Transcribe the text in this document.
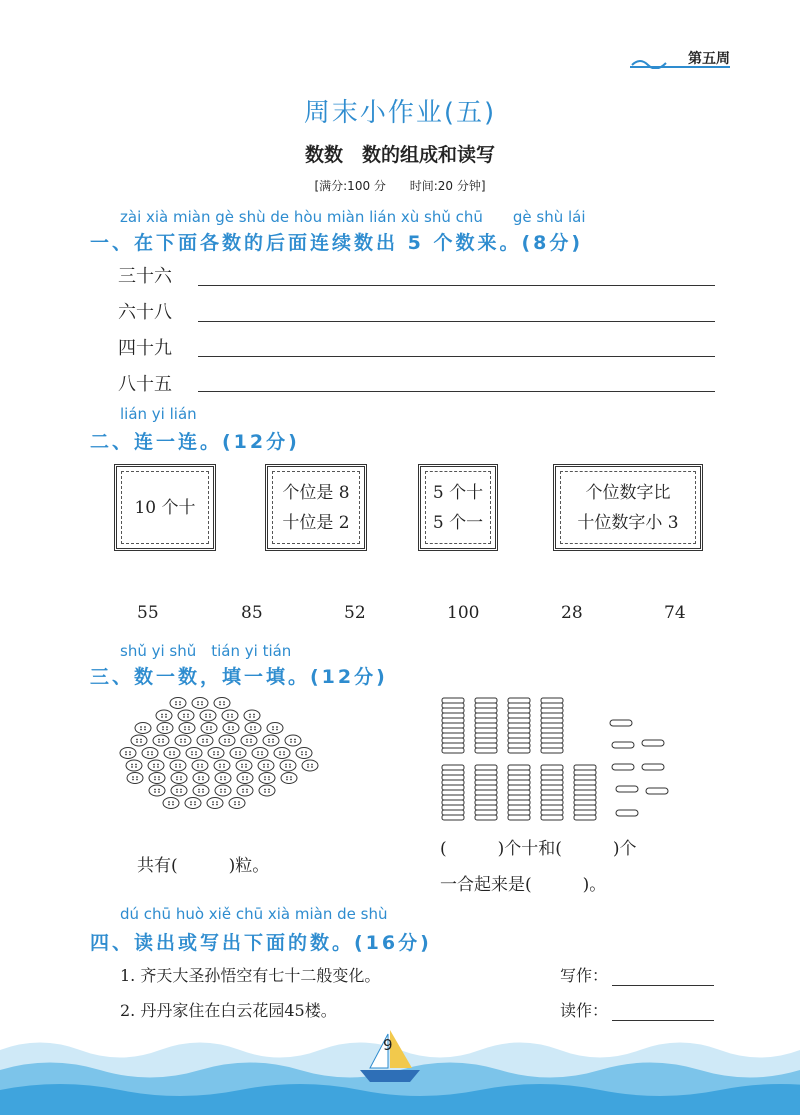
第五周
周末小作业(五)
数数　数的组成和读写
[满分:100 分 时间:20 分钟]
zài xià miàn gè shù de hòu miàn lián xù shǔ chū　　gè shù lái
一、在下面各数的后面连续数出 5 个数来。(8分)
三十六
六十八
四十九
八十五
lián yi lián
二、连一连。(12分)
10 个十
个位是 8
十位是 2
5 个十
5 个一
个位数字比
十位数字小 3
55	85	52	100	28	74
shǔ yi shǔ　tián yi tián
三、数一数，填一填。(12分)
共有(　　　)粒。
(　　　)个十和(　　　)个
一合起来是(　　　)。
dú chū huò xiě chū xià miàn de shù
四、读出或写出下面的数。(16分)
1. 齐天大圣孙悟空有七十二般变化。	写作：
2. 丹丹家住在白云花园45楼。	读作：
9
